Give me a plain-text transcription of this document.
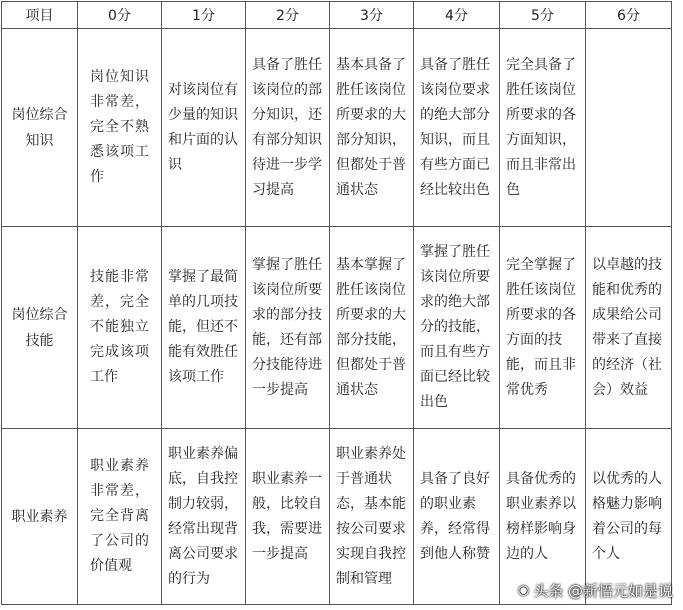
项目	0分	1分	2分	3分	4分	5分	6分
岗位综合知识	岗位知识非常差，完全不熟悉该项工作	对该岗位有少量的知识和片面的认识	具备了胜任该岗位的部分知识，还有部分知识待进一步学习提高	基本具备了胜任该岗位所要求的大部分知识，但都处于普通状态	具备了胜任该岗位要求的绝大部分知识，而且有些方面已经比较出色	完全具备了胜任该岗位所要求的各方面知识，而且非常出色	
岗位综合技能	技能非常差，完全不能独立完成该项工作	掌握了最简单的几项技能，但还不能有效胜任该项工作	掌握了胜任该岗位所要求的部分技能，还有部分技能待进一步提高	基本掌握了胜任该岗位所要求的大部分技能，但都处于普通状态	掌握了胜任该岗位所要求的绝大部分的技能，而且有些方面已经比较出色	完全掌握了胜任该岗位所要求的各方面的技能，而且非常优秀	以卓越的技能和优秀的成果给公司带来了直接的经济（社会）效益
职业素养	职业素养非常差，完全背离了公司的价值观	职业素养偏底，自我控制力较弱，经常出现背离公司要求的行为	职业素养一般，比较自我，需要进一步提高	职业素养处于普通状态，基本能按公司要求实现自我控制和管理	具备了良好的职业素养，经常得到他人称赞	具备优秀的职业素养以榜样影响身边的人	以优秀的人格魅力影响着公司的每个人
◉ 头条 @新悟元如是说
